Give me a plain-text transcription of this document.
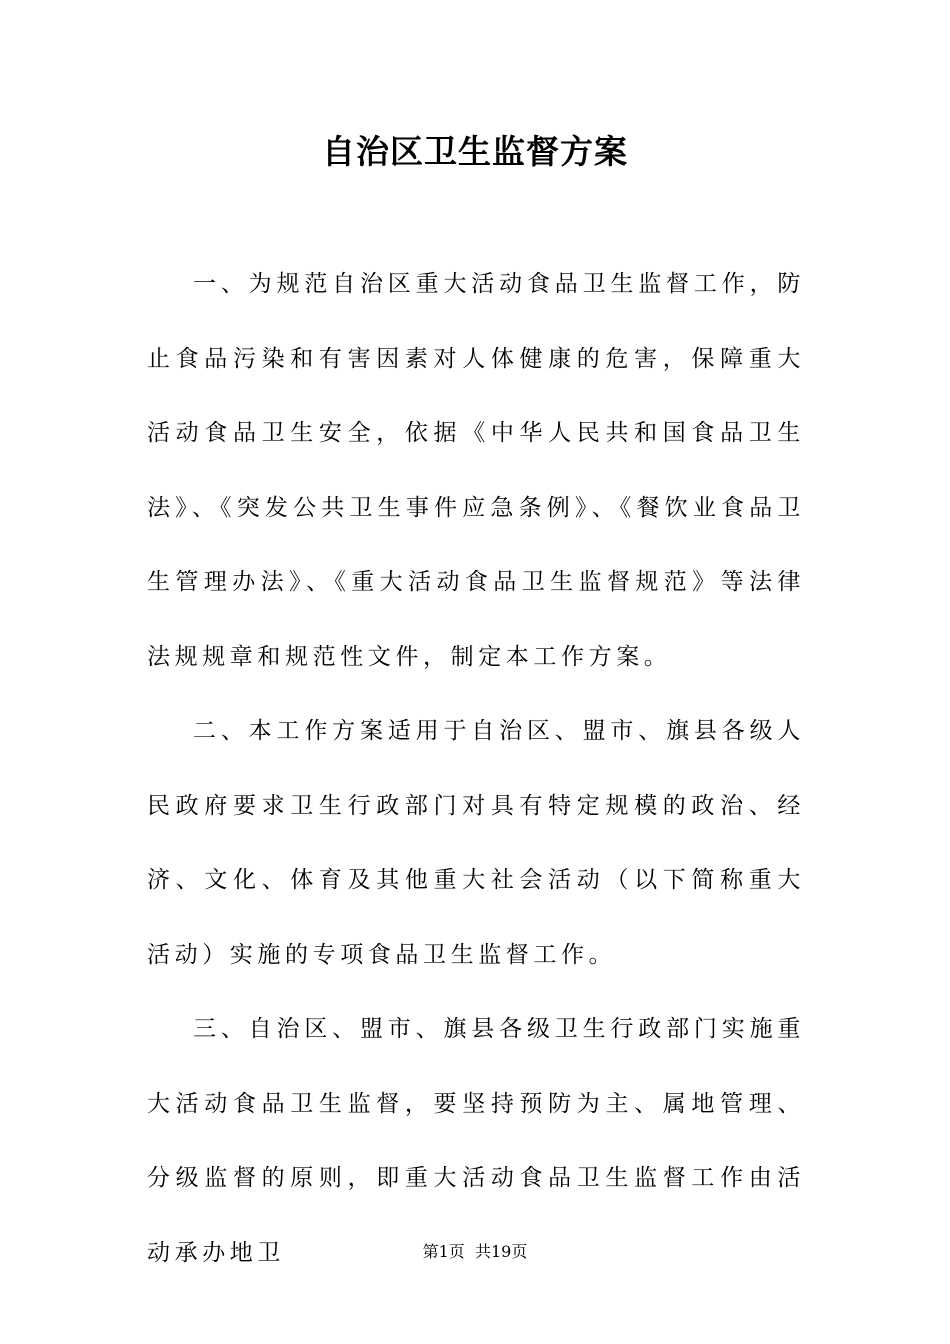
自治区卫生监督方案

一、为规范自治区重大活动食品卫生监督工作，防止食品污染和有害因素对人体健康的危害，保障重大活动食品卫生安全，依据《中华人民共和国食品卫生法》、《突发公共卫生事件应急条例》、《餐饮业食品卫生管理办法》、《重大活动食品卫生监督规范》等法律法规规章和规范性文件，制定本工作方案。

二、本工作方案适用于自治区、盟市、旗县各级人民政府要求卫生行政部门对具有特定规模的政治、经济、文化、体育及其他重大社会活动（以下简称重大活动）实施的专项食品卫生监督工作。

三、自治区、盟市、旗县各级卫生行政部门实施重大活动食品卫生监督，要坚持预防为主、属地管理、分级监督的原则，即重大活动食品卫生监督工作由活动承办地卫	第1页 共19页
